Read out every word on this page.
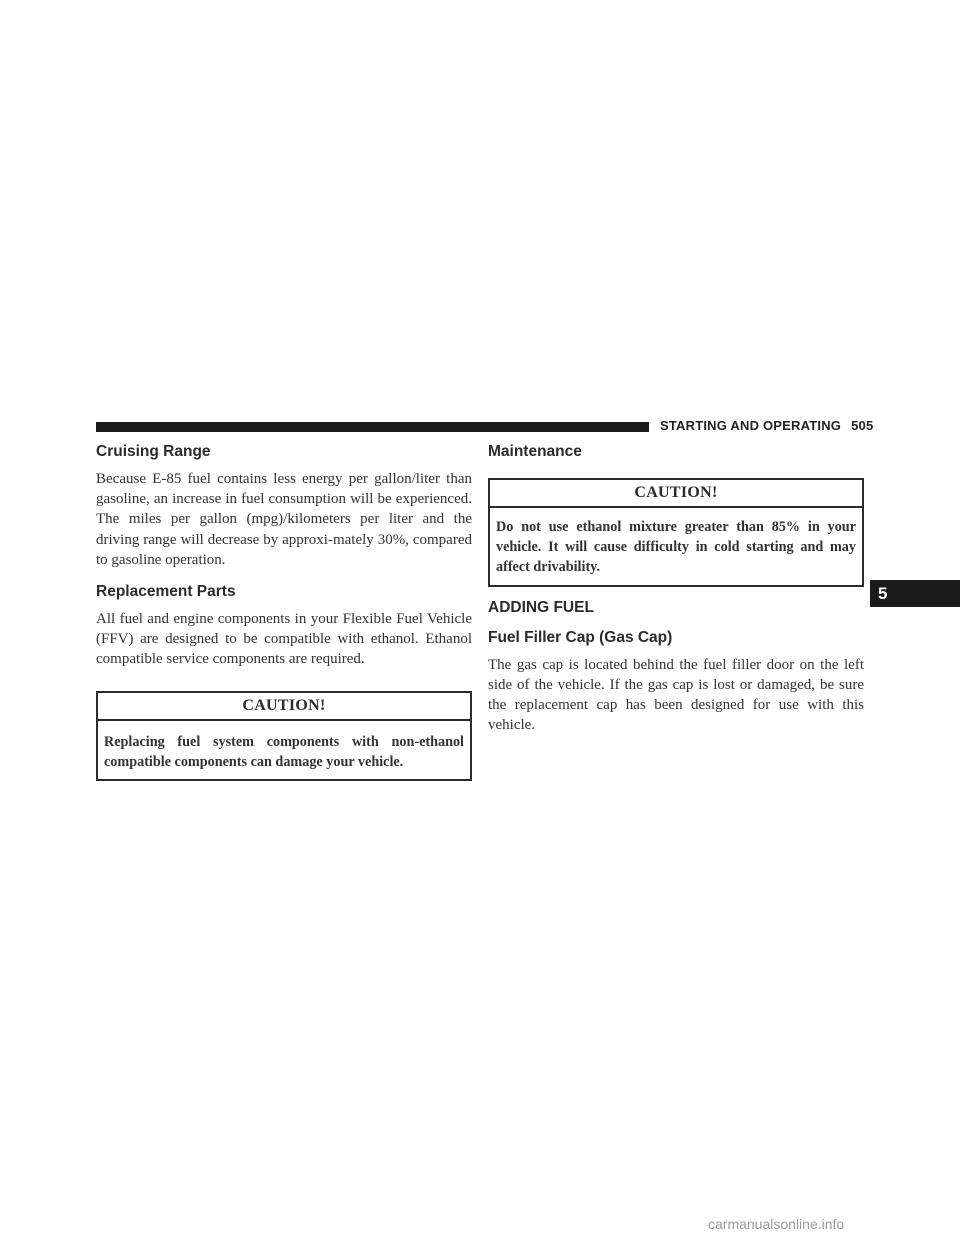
STARTING AND OPERATING 505
5
Cruising Range

Because E-85 fuel contains less energy per gallon/liter than gasoline, an increase in fuel consumption will be experienced. The miles per gallon (mpg)/kilometers per liter and the driving range will decrease by approxi-mately 30%, compared to gasoline operation.

Replacement Parts

All fuel and engine components in your Flexible Fuel Vehicle (FFV) are designed to be compatible with ethanol. Ethanol compatible service components are required.

CAUTION!
Replacing fuel system components with non-ethanol compatible components can damage your vehicle.
Maintenance
CAUTION!
Do not use ethanol mixture greater than 85% in your vehicle. It will cause difficulty in cold starting and may affect drivability.
ADDING FUEL
Fuel Filler Cap (Gas Cap)

The gas cap is located behind the fuel filler door on the left side of the vehicle. If the gas cap is lost or damaged, be sure the replacement cap has been designed for use with this vehicle.

carmanualsonline.info
